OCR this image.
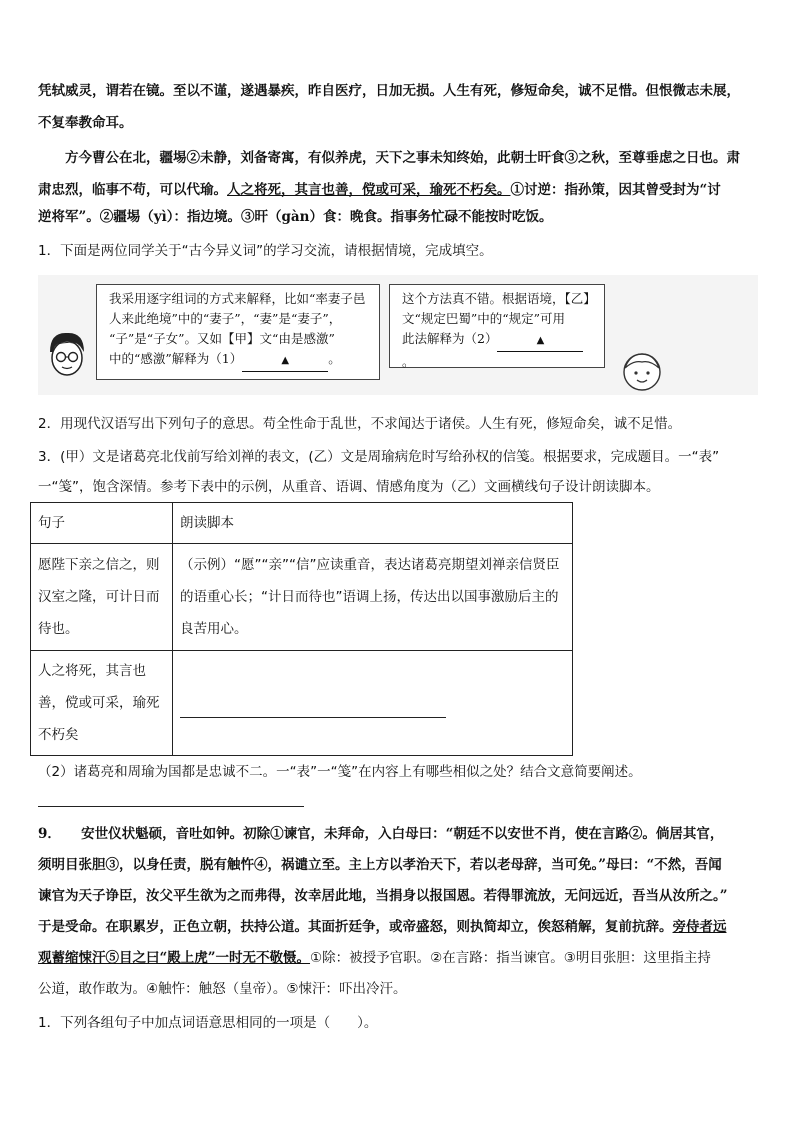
凭轼威灵，谓若在镜。至以不谨，遂遇暴疾，昨自医疗，日加无损。人生有死，修短命矣，诚不足惜。但恨微志未展，
不复奉教命耳。
方今曹公在北，疆埸②未静，刘备寄寓，有似养虎，天下之事未知终始，此朝士旰食③之秋，至尊垂虑之日也。肃
肃忠烈，临事不苟，可以代瑜。人之将死，其言也善，傥或可采，瑜死不朽矣。①讨逆：指孙策，因其曾受封为“讨
逆将军”。②疆埸（yì）：指边境。③旰（gàn）食：晚食。指事务忙碌不能按时吃饭。
1．下面是两位同学关于“古今异义词”的学习交流，请根据情境，完成填空。
我采用逐字组词的方式来解释，比如“率妻子邑
人来此绝境”中的“妻子”，“妻”是“妻子”，
“子”是“子女”。又如【甲】文“由是感激”
中的“感激”解释为（1）	▲	。
这个方法真不错。根据语境，【乙】
文“规定巴蜀”中的“规定”可用
此法解释为（2）	▲。
2．用现代汉语写出下列句子的意思。苟全性命于乱世，不求闻达于诸侯。人生有死，修短命矣，诚不足惜。
3．(甲）文是诸葛亮北伐前写给刘禅的表文，(乙）文是周瑜病危时写给孙权的信笺。根据要求，完成题目。一“表”
一“笺”，饱含深情。参考下表中的示例，从重音、语调、情感角度为（乙）文画横线句子设计朗读脚本。
句子	朗读脚本
愿陛下亲之信之，则汉室之隆，可计日而待也。	（示例）“愿”“亲”“信”应读重音，表达诸葛亮期望刘禅亲信贤臣的语重心长；“计日而待也”语调上扬，传达出以国事激励后主的良苦用心。
人之将死，其言也善，傥或可采，瑜死不朽矣	
（2）诸葛亮和周瑜为国都是忠诚不二。一“表”一“笺”在内容上有哪些相似之处？结合文意简要阐述。
9．　　安世仪状魁硕，音吐如钟。初除①谏官，未拜命，入白母曰：“朝廷不以安世不肖，使在言路②。倘居其官，
须明目张胆③，以身任责，脱有触忤④，祸谴立至。主上方以孝治天下，若以老母辞，当可免。”母曰：“不然，吾闻
谏官为天子诤臣，汝父平生欲为之而弗得，汝幸居此地，当捐身以报国恩。若得罪流放，无问远近，吾当从汝所之。”
于是受命。在职累岁，正色立朝，扶持公道。其面折廷争，或帝盛怒，则执简却立，俟怒稍解，复前抗辞。旁侍者远
观蓄缩悚汗⑤目之曰“殿上虎”一时无不敬慑。①除：被授予官职。②在言路：指当谏官。③明目张胆：这里指主持
公道，敢作敢为。④触忤：触怒（皇帝）。⑤悚汗：吓出冷汗。
1．下列各组句子中加点词语意思相同的一项是（　　）。
